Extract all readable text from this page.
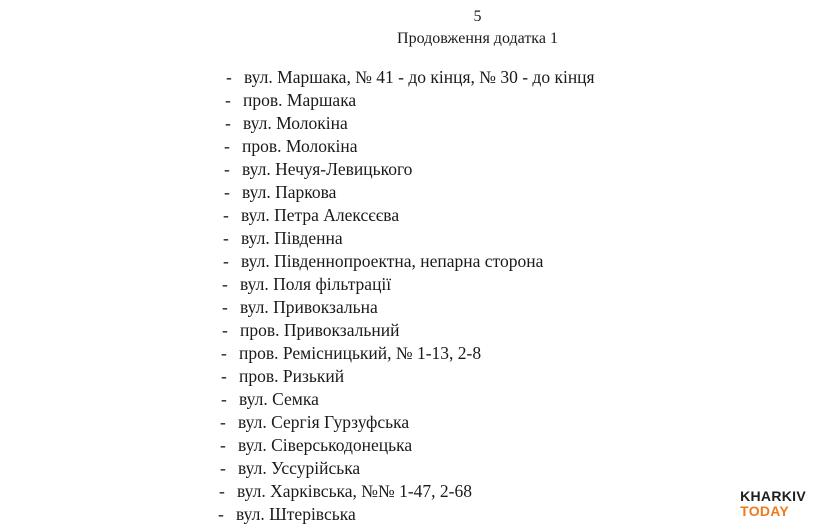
5
Продовження додатка 1
- вул. Маршака, № 41 - до кінця, № 30 - до кінця
- пров. Маршака
- вул. Молокіна
- пров. Молокіна
- вул. Нечуя-Левицького
- вул. Паркова
- вул. Петра Алексєєва
- вул. Південна
- вул. Південнопроектна, непарна сторона
- вул. Поля фільтрації
- вул. Привокзальна
- пров. Привокзальний
- пров. Ремісницький, № 1-13, 2-8
- пров. Ризький
- вул. Семка
- вул. Сергія Гурзуфська
- вул. Сіверськодонецька
- вул. Уссурійська
- вул. Харківська, №№ 1-47, 2-68
- вул. Штерівська
KHARKIV
TODAY
